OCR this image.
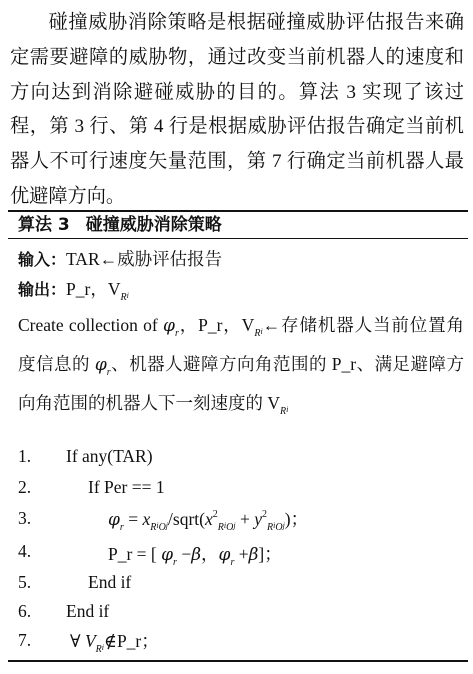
碰撞威胁消除策略是根据碰撞威胁评估报告来确定需要避障的威胁物，通过改变当前机器人的速度和方向达到消除避碰威胁的目的。算法 3 实现了该过程，第 3 行、第 4 行是根据威胁评估报告确定当前机器人不可行速度矢量范围，第 7 行确定当前机器人最优避障方向。
算法 3 碰撞威胁消除策略
输入：TAR←威胁评估报告
输出：P_r，$V_Ri$
Create collection of $\varphi_r$，P_r，$V_Ri\leftarrow$存储机器人当前位置角度信息的 $\varphi_r$、机器人避障方向角范围的 P_r、满足避障方向角范围的机器人下一刻速度的 $V_Ri$
1. If any(TAR)
2.	If Per == 1
3.	$\varphi_r$ = $x_Ri_Oj/sqrt(x^2_Ri_Oj + y^2_Ri_Oj)$；
4.	P_r = [ $\varphi_r -\beta$，$\varphi_r +\beta$]；
5.	End if
6. End if
7. ∀ $V_Ri\notin P\_r$；
